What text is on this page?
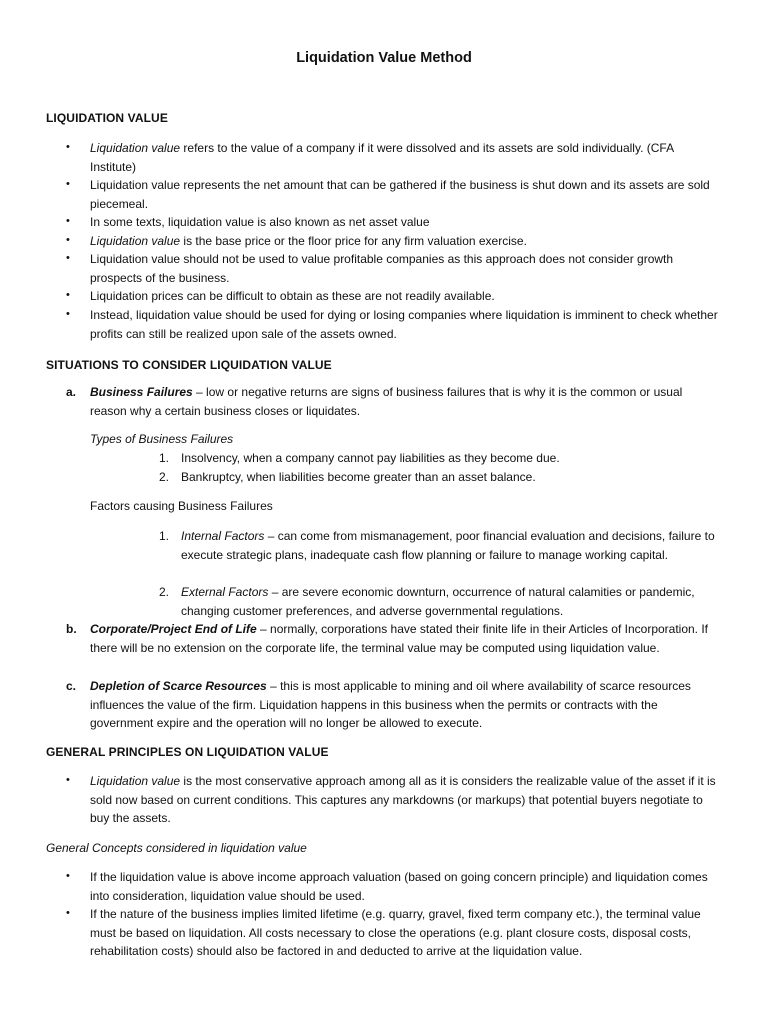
Liquidation Value Method
LIQUIDATION VALUE
• Liquidation value refers to the value of a company if it were dissolved and its assets are sold individually. (CFA Institute)
• Liquidation value represents the net amount that can be gathered if the business is shut down and its assets are sold piecemeal.
• In some texts, liquidation value is also known as net asset value
• Liquidation value is the base price or the floor price for any firm valuation exercise.
• Liquidation value should not be used to value profitable companies as this approach does not consider growth prospects of the business.
• Liquidation prices can be difficult to obtain as these are not readily available.
• Instead, liquidation value should be used for dying or losing companies where liquidation is imminent to check whether profits can still be realized upon sale of the assets owned.
SITUATIONS TO CONSIDER LIQUIDATION VALUE
a. Business Failures – low or negative returns are signs of business failures that is why it is the common or usual reason why a certain business closes or liquidates.
Types of Business Failures
1. Insolvency, when a company cannot pay liabilities as they become due.
2. Bankruptcy, when liabilities become greater than an asset balance.
Factors causing Business Failures
1. Internal Factors – can come from mismanagement, poor financial evaluation and decisions, failure to execute strategic plans, inadequate cash flow planning or failure to manage working capital.
2. External Factors – are severe economic downturn, occurrence of natural calamities or pandemic, changing customer preferences, and adverse governmental regulations.
b. Corporate/Project End of Life – normally, corporations have stated their finite life in their Articles of Incorporation. If there will be no extension on the corporate life, the terminal value may be computed using liquidation value.
c. Depletion of Scarce Resources – this is most applicable to mining and oil where availability of scarce resources influences the value of the firm. Liquidation happens in this business when the permits or contracts with the government expire and the operation will no longer be allowed to execute.
GENERAL PRINCIPLES ON LIQUIDATION VALUE
• Liquidation value is the most conservative approach among all as it is considers the realizable value of the asset if it is sold now based on current conditions. This captures any markdowns (or markups) that potential buyers negotiate to buy the assets.
General Concepts considered in liquidation value
• If the liquidation value is above income approach valuation (based on going concern principle) and liquidation comes into consideration, liquidation value should be used.
• If the nature of the business implies limited lifetime (e.g. quarry, gravel, fixed term company etc.), the terminal value must be based on liquidation. All costs necessary to close the operations (e.g. plant closure costs, disposal costs, rehabilitation costs) should also be factored in and deducted to arrive at the liquidation value.
